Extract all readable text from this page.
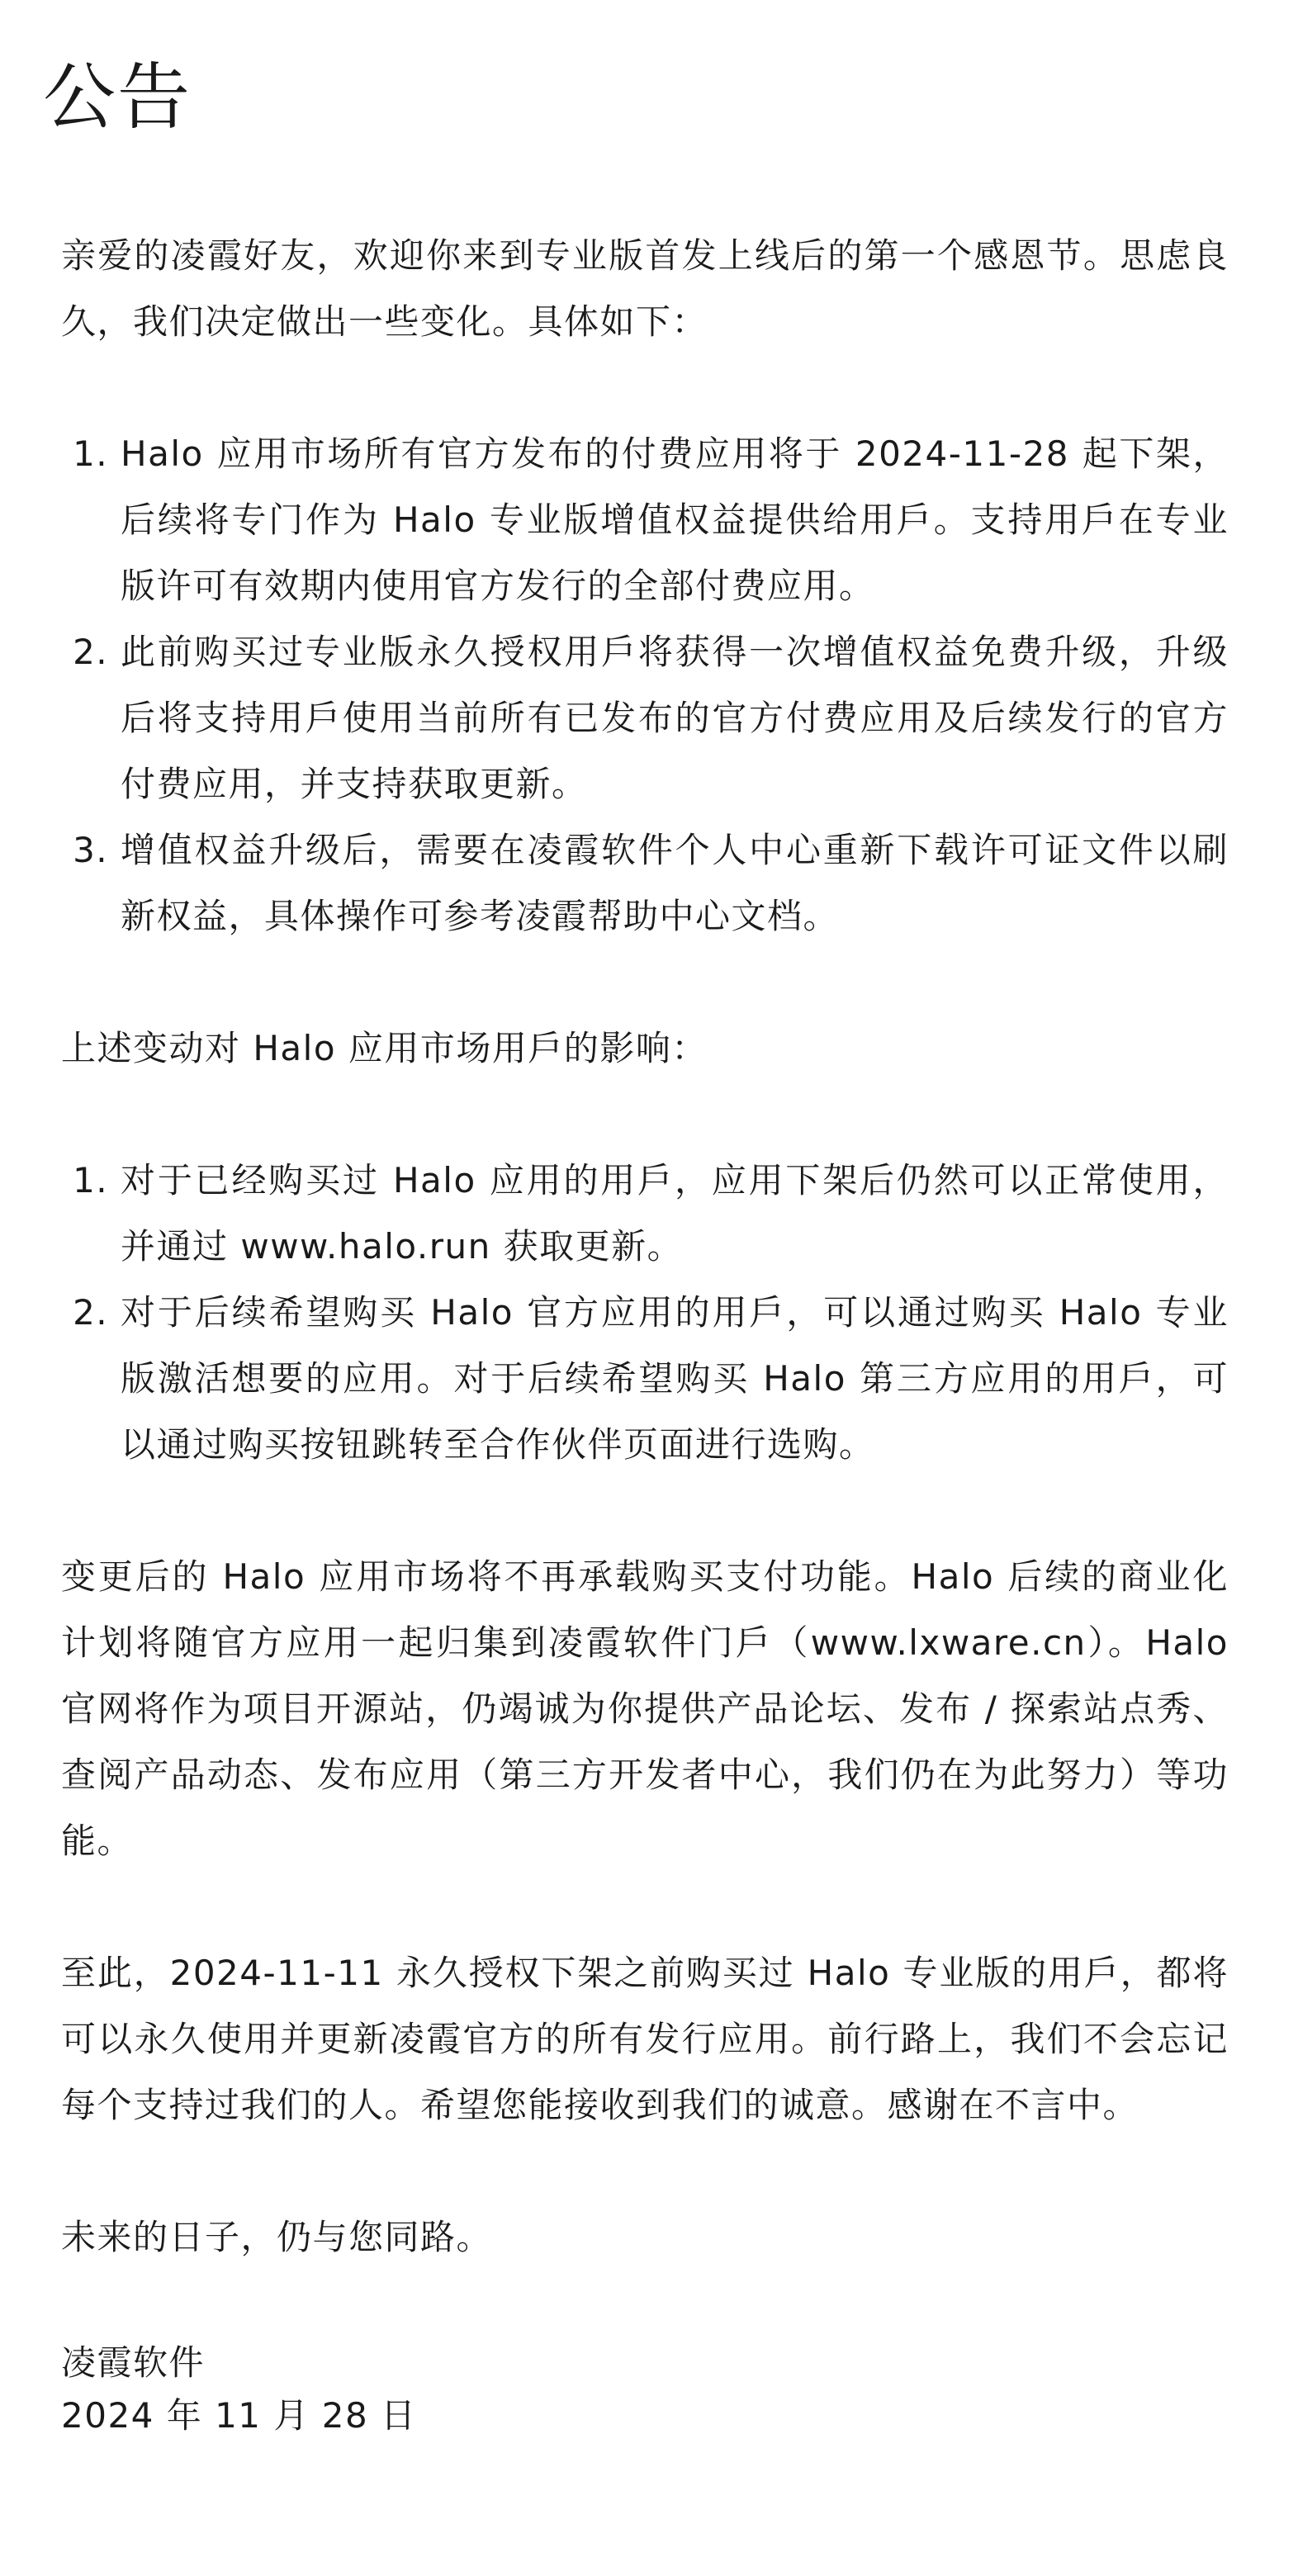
公告

亲爱的凌霞好友，欢迎你来到专业版首发上线后的第一个感恩节。思虑良久，我们决定做出一些变化。具体如下：

1. Halo 应用市场所有官方发布的付费应用将于 2024-11-28 起下架，后续将专门作为 Halo 专业版增值权益提供给用戶。支持用戶在专业版许可有效期内使用官方发行的全部付费应用。
2. 此前购买过专业版永久授权用戶将获得一次增值权益免费升级，升级后将支持用戶使用当前所有已发布的官方付费应用及后续发行的官方付费应用，并支持获取更新。
3. 增值权益升级后，需要在凌霞软件个人中心重新下载许可证文件以刷新权益，具体操作可参考凌霞帮助中心文档。

上述变动对 Halo 应用市场用戶的影响：

1. 对于已经购买过 Halo 应用的用戶，应用下架后仍然可以正常使用，并通过 www.halo.run 获取更新。
2. 对于后续希望购买 Halo 官方应用的用戶，可以通过购买 Halo 专业版激活想要的应用。对于后续希望购买 Halo 第三方应用的用戶，可以通过购买按钮跳转至合作伙伴页面进行选购。

变更后的 Halo 应用市场将不再承载购买支付功能。Halo 后续的商业化计划将随官方应用一起归集到凌霞软件门戶（www.lxware.cn）。Halo 官网将作为项目开源站，仍竭诚为你提供产品论坛、发布 / 探索站点秀、查阅产品动态、发布应用（第三方开发者中心，我们仍在为此努力）等功能。

至此，2024-11-11 永久授权下架之前购买过 Halo 专业版的用戶，都将可以永久使用并更新凌霞官方的所有发行应用。前行路上，我们不会忘记每个支持过我们的人。希望您能接收到我们的诚意。感谢在不言中。

未来的日子，仍与您同路。

凌霞软件

2024 年 11 月 28 日
